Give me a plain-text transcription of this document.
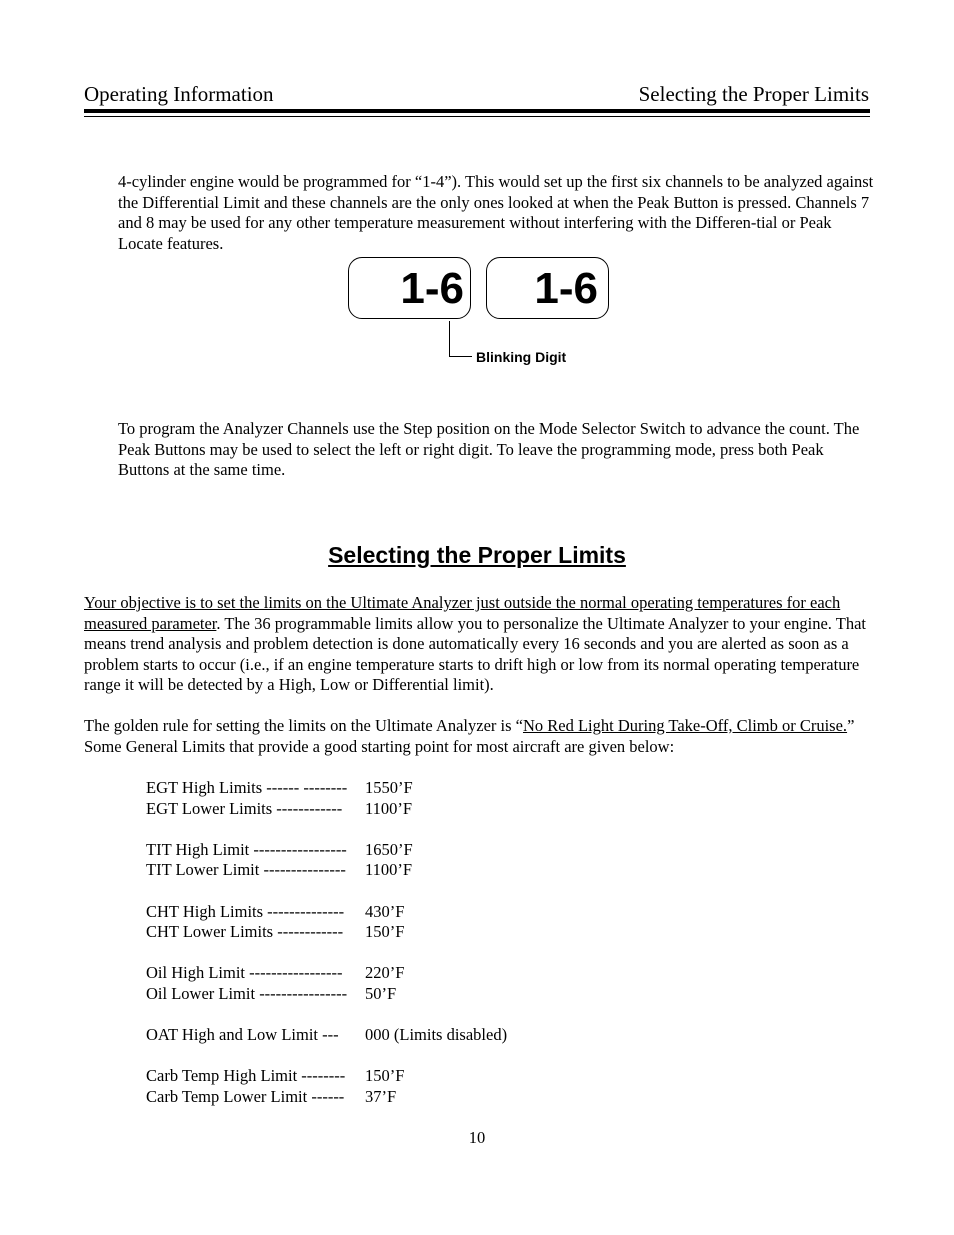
Operating Information	Selecting the Proper Limits

4-cylinder engine would be programmed for “1-4”). This would set up the first six channels to be analyzed against the Differential Limit and these channels are the only ones looked at when the Peak Button is pressed. Channels 7 and 8 may be used for any other temperature measurement without interfering with the Differen-tial or Peak Locate features.

1-6	1-6
Blinking Digit

To program the Analyzer Channels use the Step position on the Mode Selector Switch to advance the count. The Peak Buttons may be used to select the left or right digit. To leave the programming mode, press both Peak Buttons at the same time.

Selecting the Proper Limits

Your objective is to set the limits on the Ultimate Analyzer just outside the normal operating temperatures for each measured parameter. The 36 programmable limits allow you to personalize the Ultimate Analyzer to your engine. That means trend analysis and problem detection is done automatically every 16 seconds and you are alerted as soon as a problem starts to occur (i.e., if an engine temperature starts to drift high or low from its normal operating temperature range it will be detected by a High, Low or Differential limit).

The golden rule for setting the limits on the Ultimate Analyzer is “No Red Light During Take-Off, Climb or Cruise.” Some General Limits that provide a good starting point for most aircraft are given below:

EGT High Limits ------ -------- 1550’F
EGT Lower Limits ------------ 1100’F
TIT High Limit ----------------- 1650’F
TIT Lower Limit --------------- 1100’F
CHT High Limits -------------- 430’F
CHT Lower Limits ------------ 150’F
Oil High Limit ----------------- 220’F
Oil Lower Limit ---------------- 50’F
OAT High and Low Limit --- 000 (Limits disabled)
Carb Temp High Limit -------- 150’F
Carb Temp Lower Limit ------ 37’F
10
